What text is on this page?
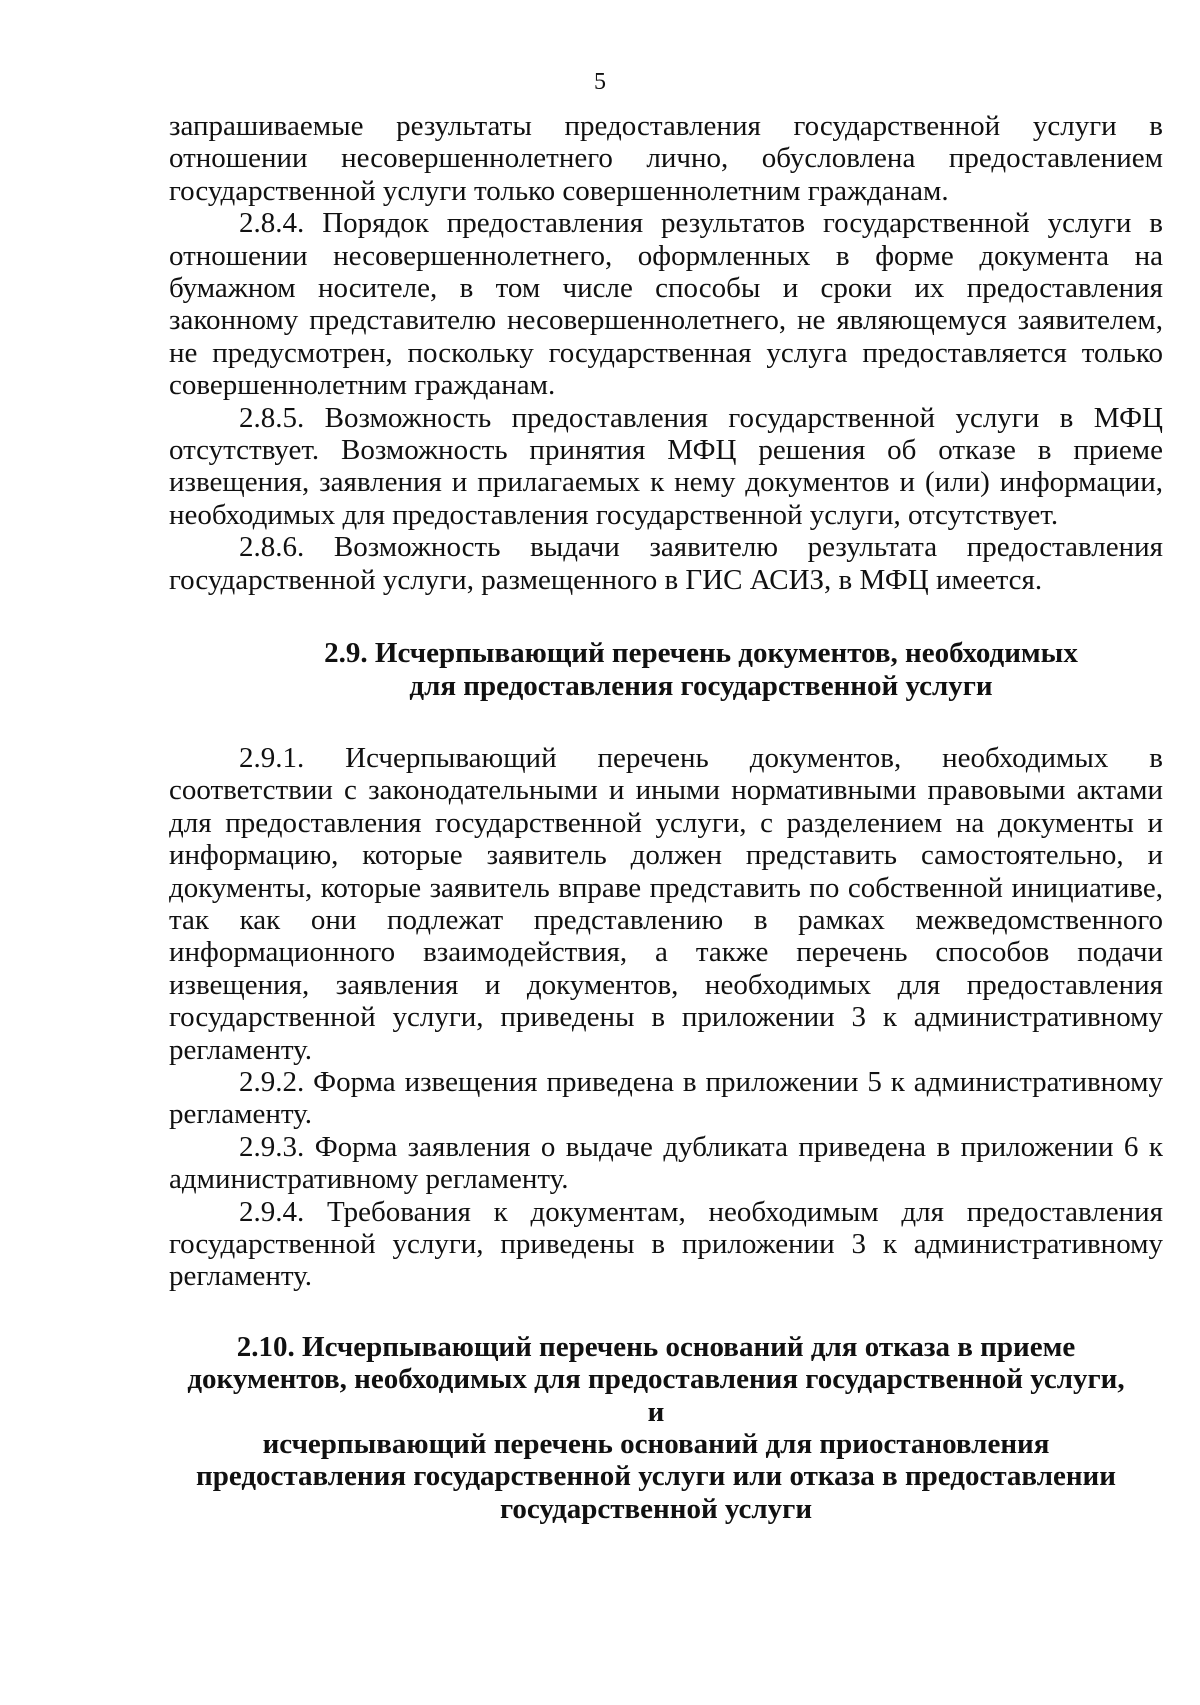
5

запрашиваемые результаты предоставления государственной услуги в отношении несовершеннолетнего лично, обусловлена предоставлением государственной услуги только совершеннолетним гражданам.

2.8.4. Порядок предоставления результатов государственной услуги в отношении несовершеннолетнего, оформленных в форме документа на бумажном носителе, в том числе способы и сроки их предоставления законному представителю несовершеннолетнего, не являющемуся заявителем, не предусмотрен, поскольку государственная услуга предоставляется только совершеннолетним гражданам.

2.8.5. Возможность предоставления государственной услуги в МФЦ отсутствует. Возможность принятия МФЦ решения об отказе в приеме извещения, заявления и прилагаемых к нему документов и (или) информации, необходимых для предоставления государственной услуги, отсутствует.

2.8.6. Возможность выдачи заявителю результата предоставления государственной услуги, размещенного в ГИС АСИЗ, в МФЦ имеется.

2.9. Исчерпывающий перечень документов, необходимых
для предоставления государственной услуги

2.9.1. Исчерпывающий перечень документов, необходимых в соответствии с законодательными и иными нормативными правовыми актами для предоставления государственной услуги, с разделением на документы и информацию, которые заявитель должен представить самостоятельно, и документы, которые заявитель вправе представить по собственной инициативе, так как они подлежат представлению в рамках межведомственного информационного взаимодействия, а также перечень способов подачи извещения, заявления и документов, необходимых для предоставления государственной услуги, приведены в приложении 3 к административному регламенту.

2.9.2. Форма извещения приведена в приложении 5 к административному регламенту.

2.9.3. Форма заявления о выдаче дубликата приведена в приложении 6 к административному регламенту.

2.9.4. Требования к документам, необходимым для предоставления государственной услуги, приведены в приложении 3 к административному регламенту.

2.10. Исчерпывающий перечень оснований для отказа в приеме
документов, необходимых для предоставления государственной услуги, и
исчерпывающий перечень оснований для приостановления
предоставления государственной услуги или отказа в предоставлении
государственной услуги
